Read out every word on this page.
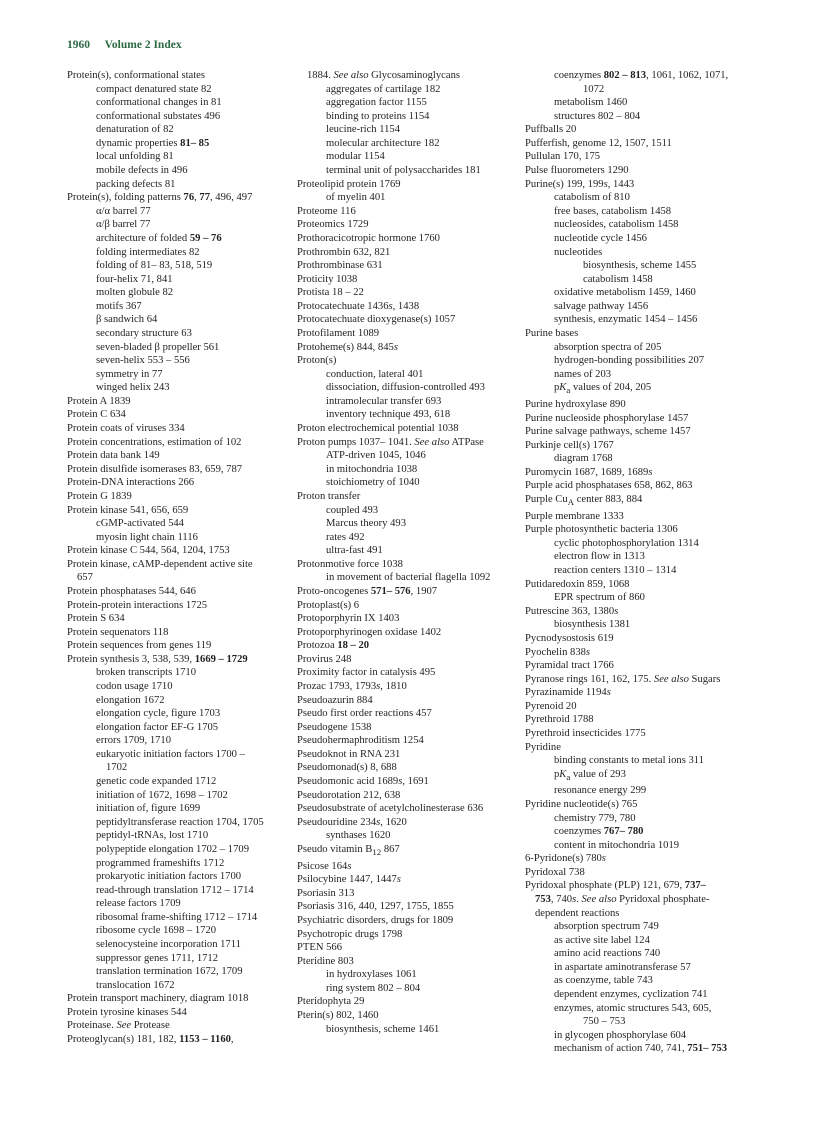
1960 Volume 2 Index
Protein(s), conformational states
compact denatured state 82
conformational changes in 81
conformational substates 496
denaturation of 82
dynamic properties 81– 85
local unfolding 81
mobile defects in 496
packing defects 81
Protein(s), folding patterns 76, 77, 496, 497
α/α barrel 77
α/β barrel 77
architecture of folded 59 – 76
folding intermediates 82
folding of 81– 83, 518, 519
four-helix 71, 841
molten globule 82
motifs 367
β sandwich 64
secondary structure 63
seven-bladed β propeller 561
seven-helix 553 – 556
symmetry in 77
winged helix 243
Protein A 1839
Protein C 634
Protein coats of viruses 334
Protein concentrations, estimation of 102
Protein data bank 149
Protein disulfide isomerases 83, 659, 787
Protein-DNA interactions 266
Protein G 1839
Protein kinase 541, 656, 659
cGMP-activated 544
myosin light chain 1116
Protein kinase C 544, 564, 1204, 1753
Protein kinase, cAMP-dependent active site
657
Protein phosphatases 544, 646
Protein-protein interactions 1725
Protein S 634
Protein sequenators 118
Protein sequences from genes 119
Protein synthesis 3, 538, 539, 1669 – 1729
broken transcripts 1710
codon usage 1710
elongation 1672
elongation cycle, figure 1703
elongation factor EF-G 1705
errors 1709, 1710
eukaryotic initiation factors 1700 –
1702
genetic code expanded 1712
initiation of 1672, 1698 – 1702
initiation of, figure 1699
peptidyltransferase reaction 1704, 1705
peptidyl-tRNAs, lost 1710
polypeptide elongation 1702 – 1709
programmed frameshifts 1712
prokaryotic initiation factors 1700
read-through translation 1712 – 1714
release factors 1709
ribosomal frame-shifting 1712 – 1714
ribosome cycle 1698 – 1720
selenocysteine incorporation 1711
suppressor genes 1711, 1712
translation termination 1672, 1709
translocation 1672
Protein transport machinery, diagram 1018
Protein tyrosine kinases 544
Proteinase. See Protease
Proteoglycan(s) 181, 182, 1153 – 1160,
1884. See also Glycosaminoglycans
aggregates of cartilage 182
aggregation factor 1155
binding to proteins 1154
leucine-rich 1154
molecular architecture 182
modular 1154
terminal unit of polysaccharides 181
Proteolipid protein 1769
of myelin 401
Proteome 116
Proteomics 1729
Prothoracicotropic hormone 1760
Prothrombin 632, 821
Prothrombinase 631
Proticity 1038
Protista 18 – 22
Protocatechuate 1436s, 1438
Protocatechuate dioxygenase(s) 1057
Protofilament 1089
Protoheme(s) 844, 845s
Proton(s)
conduction, lateral 401
dissociation, diffusion-controlled 493
intramolecular transfer 693
inventory technique 493, 618
Proton electrochemical potential 1038
Proton pumps 1037– 1041. See also ATPase
ATP-driven 1045, 1046
in mitochondria 1038
stoichiometry of 1040
Proton transfer
coupled 493
Marcus theory 493
rates 492
ultra-fast 491
Protonmotive force 1038
in movement of bacterial flagella 1092
Proto-oncogenes 571– 576, 1907
Protoplast(s) 6
Protoporphyrin IX 1403
Protoporphyrinogen oxidase 1402
Protozoa 18 – 20
Provirus 248
Proximity factor in catalysis 495
Prozac 1793, 1793s, 1810
Pseudoazurin 884
Pseudo first order reactions 457
Pseudogene 1538
Pseudohermaphroditism 1254
Pseudoknot in RNA 231
Pseudomonad(s) 8, 688
Pseudomonic acid 1689s, 1691
Pseudorotation 212, 638
Pseudosubstrate of acetylcholinesterase 636
Pseudouridine 234s, 1620
synthases 1620
Pseudo vitamin $B_{12}$ 867
Psicose 164s
Psilocybine 1447, 1447s
Psoriasin 313
Psoriasis 316, 440, 1297, 1755, 1855
Psychiatric disorders, drugs for 1809
Psychotropic drugs 1798
PTEN 566
Pteridine 803
in hydroxylases 1061
ring system 802 – 804
Pteridophyta 29
Pterin(s) 802, 1460
biosynthesis, scheme 1461
coenzymes 802 – 813, 1061, 1062, 1071,
1072
metabolism 1460
structures 802 – 804
Puffballs 20
Pufferfish, genome 12, 1507, 1511
Pullulan 170, 175
Pulse fluorometers 1290
Purine(s) 199, 199s, 1443
catabolism of 810
free bases, catabolism 1458
nucleosides, catabolism 1458
nucleotide cycle 1456
nucleotides
biosynthesis, scheme 1455
catabolism 1458
oxidative metabolism 1459, 1460
salvage pathway 1456
synthesis, enzymatic 1454 – 1456
Purine bases
absorption spectra of 205
hydrogen-bonding possibilities 207
names of 203
$pK_a$ values of 204, 205
Purine hydroxylase 890
Purine nucleoside phosphorylase 1457
Purine salvage pathways, scheme 1457
Purkinje cell(s) 1767
diagram 1768
Puromycin 1687, 1689, 1689s
Purple acid phosphatases 658, 862, 863
Purple $Cu_A$ center 883, 884
Purple membrane 1333
Purple photosynthetic bacteria 1306
cyclic photophosphorylation 1314
electron flow in 1313
reaction centers 1310 – 1314
Putidaredoxin 859, 1068
EPR spectrum of 860
Putrescine 363, 1380s
biosynthesis 1381
Pycnodysostosis 619
Pyochelin 838s
Pyramidal tract 1766
Pyranose rings 161, 162, 175. See also Sugars
Pyrazinamide 1194s
Pyrenoid 20
Pyrethroid 1788
Pyrethroid insecticides 1775
Pyridine
binding constants to metal ions 311
$pK_a$ value of 293
resonance energy 299
Pyridine nucleotide(s) 765
chemistry 779, 780
coenzymes 767– 780
content in mitochondria 1019
6-Pyridone(s) 780s
Pyridoxal 738
Pyridoxal phosphate (PLP) 121, 679, 737–
753, 740s. See also Pyridoxal phosphate-
dependent reactions
absorption spectrum 749
as active site label 124
amino acid reactions 740
in aspartate aminotransferase 57
as coenzyme, table 743
dependent enzymes, cyclization 741
enzymes, atomic structures 543, 605,
750 – 753
in glycogen phosphorylase 604
mechanism of action 740, 741, 751– 753
